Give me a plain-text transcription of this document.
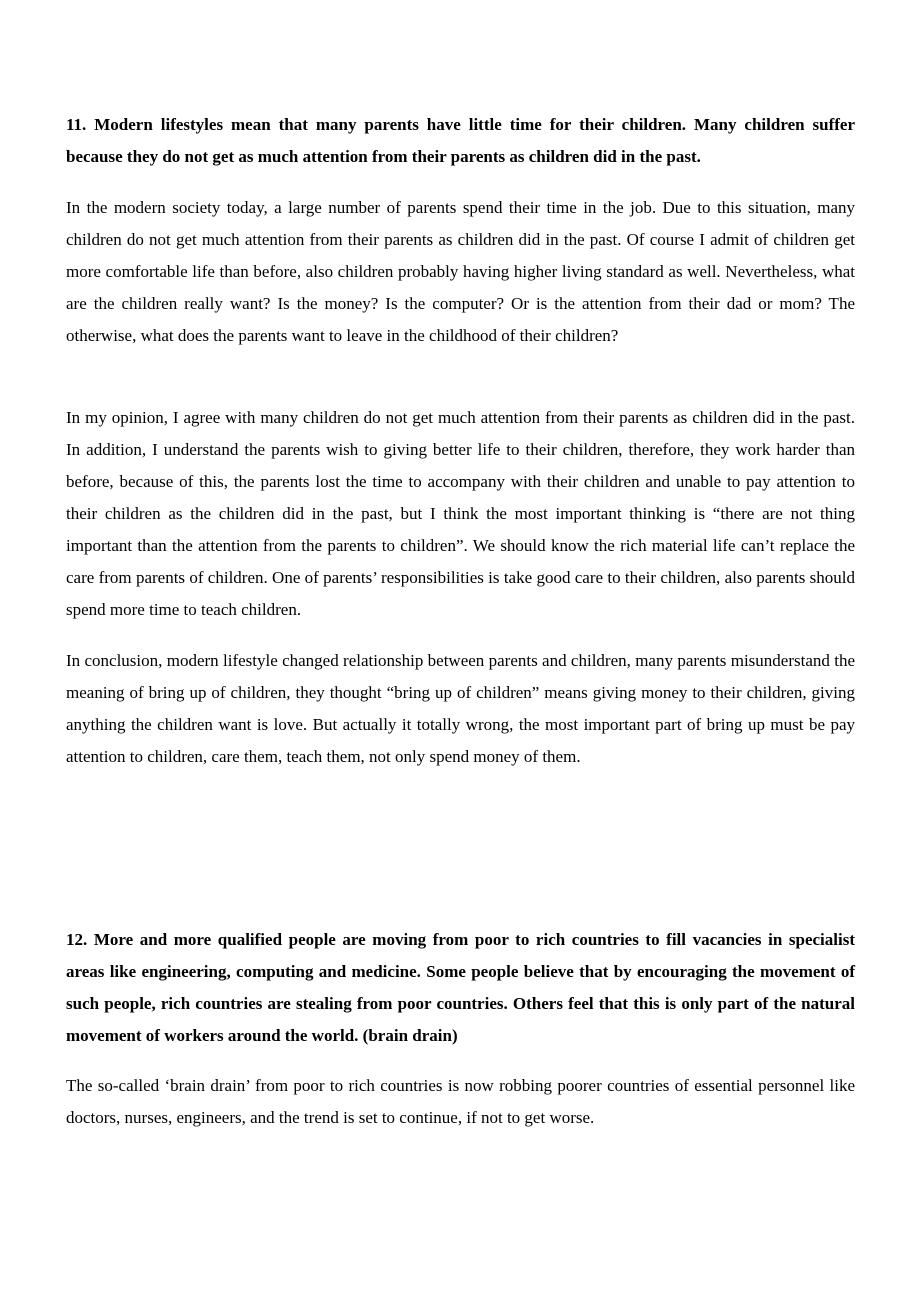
11. Modern lifestyles mean that many parents have little time for their children. Many children suffer because they do not get as much attention from their parents as children did in the past.

In the modern society today, a large number of parents spend their time in the job. Due to this situation, many children do not get much attention from their parents as children did in the past. Of course I admit of children get more comfortable life than before, also children probably having higher living standard as well. Nevertheless, what are the children really want? Is the money? Is the computer? Or is the attention from their dad or mom? The otherwise, what does the parents want to leave in the childhood of their children?

In my opinion, I agree with many children do not get much attention from their parents as children did in the past. In addition, I understand the parents wish to giving better life to their children, therefore, they work harder than before, because of this, the parents lost the time to accompany with their children and unable to pay attention to their children as the children did in the past, but I think the most important thinking is “there are not thing important than the attention from the parents to children”. We should know the rich material life can’t replace the care from parents of children. One of parents’ responsibilities is take good care to their children, also parents should spend more time to teach children.

In conclusion, modern lifestyle changed relationship between parents and children, many parents misunderstand the meaning of bring up of children, they thought “bring up of children” means giving money to their children, giving anything the children want is love. But actually it totally wrong, the most important part of bring up must be pay attention to children, care them, teach them, not only spend money of them.

12. More and more qualified people are moving from poor to rich countries to fill vacancies in specialist areas like engineering, computing and medicine. Some people believe that by encouraging the movement of such people, rich countries are stealing from poor countries. Others feel that this is only part of the natural movement of workers around the world. (brain drain)

The so-called ‘brain drain’ from poor to rich countries is now robbing poorer countries of essential personnel like doctors, nurses, engineers, and the trend is set to continue, if not to get worse.
